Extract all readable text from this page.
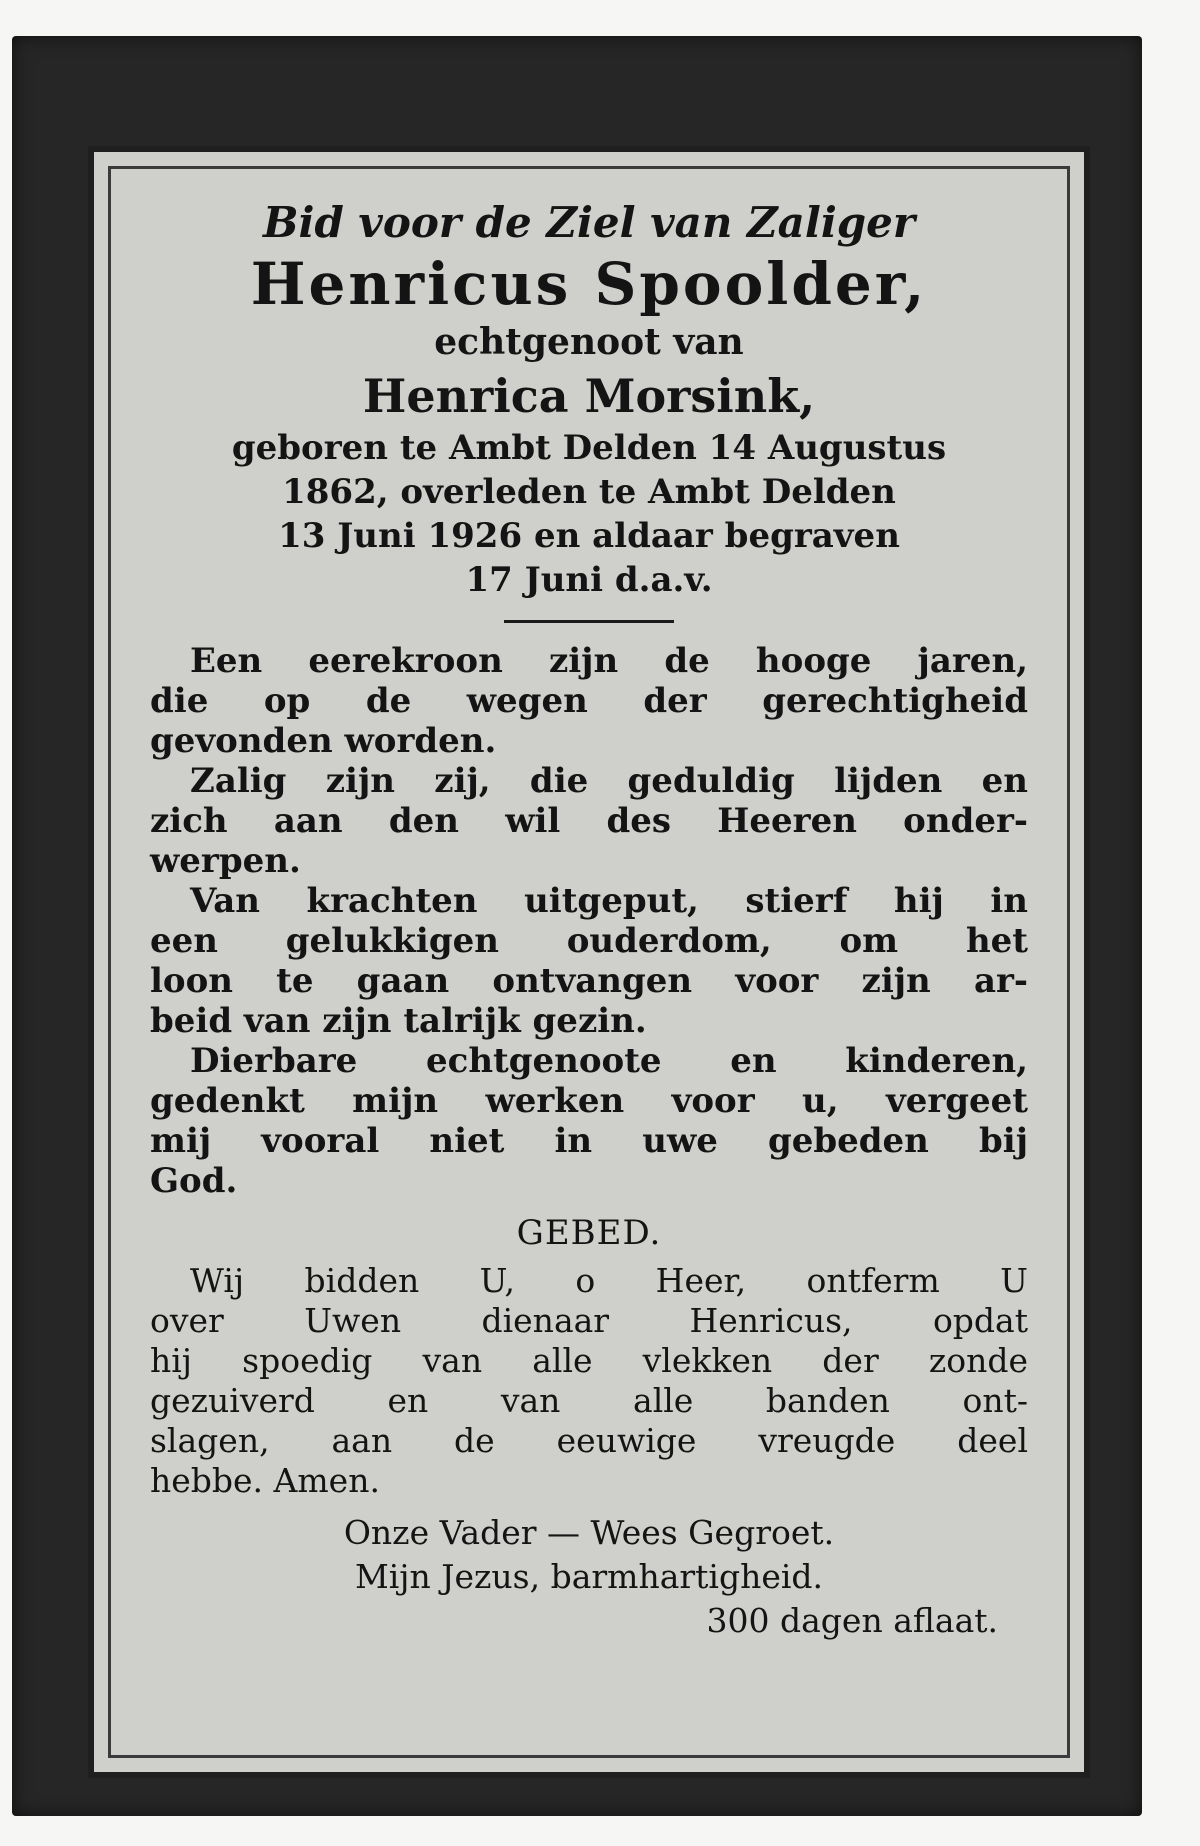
Bid voor de Ziel van Zaliger
Henricus Spoolder,
echtgenoot van
Henrica Morsink,
geboren te Ambt Delden 14 Augustus
1862, overleden te Ambt Delden
13 Juni 1926 en aldaar begraven
17 Juni d.a.v.
Een eerekroon zijn de hooge jaren,
die op de wegen der gerechtigheid
gevonden worden.
Zalig zijn zij, die geduldig lijden en
zich aan den wil des Heeren onder-
werpen.
Van krachten uitgeput, stierf hij in
een gelukkigen ouderdom, om het
loon te gaan ontvangen voor zijn ar-
beid van zijn talrijk gezin.
Dierbare echtgenoote en kinderen,
gedenkt mijn werken voor u, vergeet
mij vooral niet in uwe gebeden bij
God.
GEBED.
Wij bidden U, o Heer, ontferm U
over Uwen dienaar Henricus, opdat
hij spoedig van alle vlekken der zonde
gezuiverd en van alle banden ont-
slagen, aan de eeuwige vreugde deel
hebbe. Amen.
Onze Vader — Wees Gegroet.
Mijn Jezus, barmhartigheid.
300 dagen aflaat.
